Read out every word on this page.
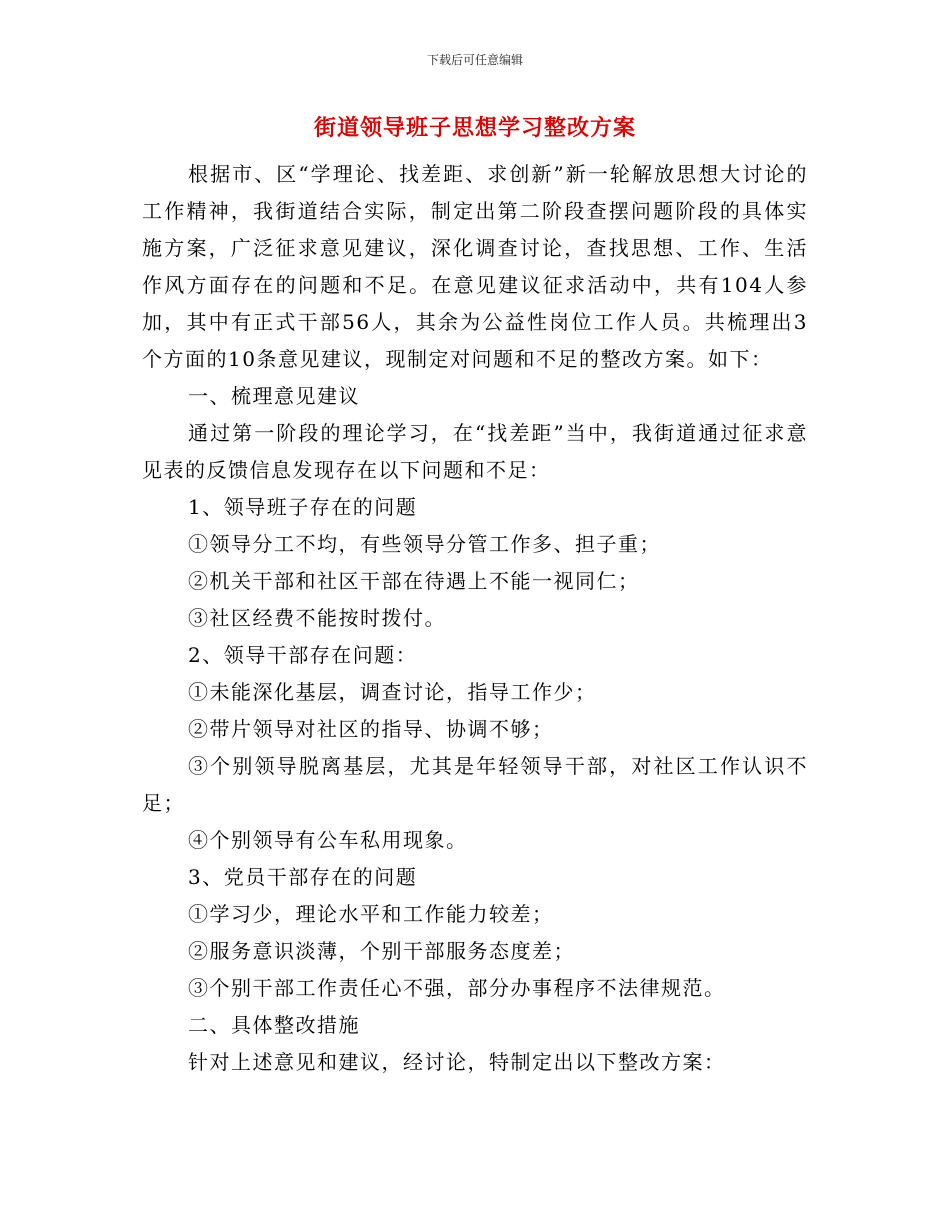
下载后可任意编辑
街道领导班子思想学习整改方案

根据市、区“学理论、找差距、求创新”新一轮解放思想大讨论的工作精神，我街道结合实际，制定出第二阶段查摆问题阶段的具体实施方案，广泛征求意见建议，深化调查讨论，查找思想、工作、生活作风方面存在的问题和不足。在意见建议征求活动中，共有104人参加，其中有正式干部56人，其余为公益性岗位工作人员。共梳理出3个方面的10条意见建议，现制定对问题和不足的整改方案。如下：

一、梳理意见建议

通过第一阶段的理论学习，在“找差距”当中，我街道通过征求意见表的反馈信息发现存在以下问题和不足：

1、领导班子存在的问题

①领导分工不均，有些领导分管工作多、担子重；

②机关干部和社区干部在待遇上不能一视同仁；

③社区经费不能按时拨付。

2、领导干部存在问题：

①未能深化基层，调查讨论，指导工作少；

②带片领导对社区的指导、协调不够；

③个别领导脱离基层，尤其是年轻领导干部，对社区工作认识不足；

④个别领导有公车私用现象。

3、党员干部存在的问题

①学习少，理论水平和工作能力较差；

②服务意识淡薄，个别干部服务态度差；

③个别干部工作责任心不强，部分办事程序不法律规范。

二、具体整改措施

针对上述意见和建议，经讨论，特制定出以下整改方案：
